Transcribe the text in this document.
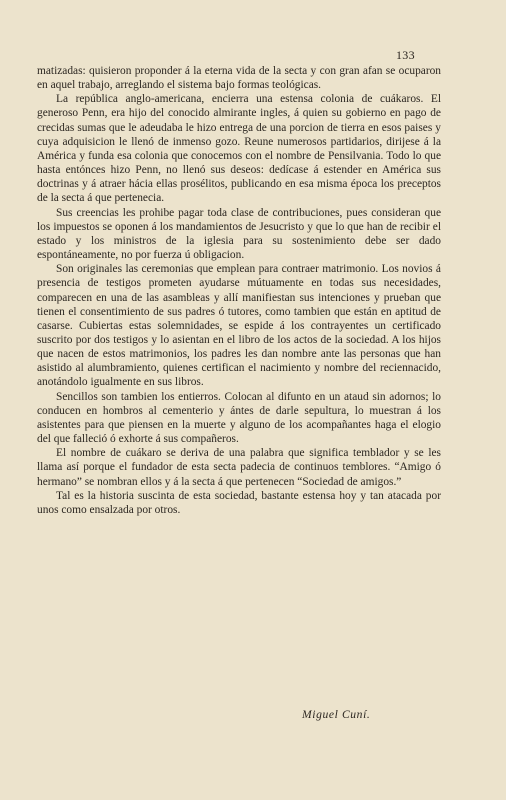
133

matizadas: quisieron proponder á la eterna vida de la secta y con gran afan se ocuparon en aquel trabajo, arreglando el sistema bajo formas teológicas.

La república anglo-americana, encierra una estensa colonia de cuákaros. El generoso Penn, era hijo del conocido almirante ingles, á quien su gobierno en pago de crecidas sumas que le adeudaba le hizo entrega de una porcion de tierra en esos paises y cuya adquisicion le llenó de inmenso gozo. Reune numerosos partidarios, dirijese á la América y funda esa colonia que conocemos con el nombre de Pensilvania. Todo lo que hasta entónces hizo Penn, no llenó sus deseos: dedícase á estender en América sus doctrinas y á atraer hácia ellas prosélitos, publicando en esa misma época los preceptos de la secta á que pertenecia.

Sus creencias les prohibe pagar toda clase de contribuciones, pues consideran que los impuestos se oponen á los mandamientos de Jesucristo y que lo que han de recibir el estado y los ministros de la iglesia para su sostenimiento debe ser dado espontáneamente, no por fuerza ú obligacion.

Son originales las ceremonias que emplean para contraer matrimonio. Los novios á presencia de testigos prometen ayudarse mútuamente en todas sus necesidades, comparecen en una de las asambleas y allí manifiestan sus intenciones y prueban que tienen el consentimiento de sus padres ó tutores, como tambien que están en aptitud de casarse. Cubiertas estas solemnidades, se espide á los contrayentes un certificado suscrito por dos testigos y lo asientan en el libro de los actos de la sociedad. A los hijos que nacen de estos matrimonios, los padres les dan nombre ante las personas que han asistido al alumbramiento, quienes certifican el nacimiento y nombre del reciennacido, anotándolo igualmente en sus libros.

Sencillos son tambien los entierros. Colocan al difunto en un ataud sin adornos; lo conducen en hombros al cementerio y ántes de darle sepultura, lo muestran á los asistentes para que piensen en la muerte y alguno de los acompañantes haga el elogio del que falleció ó exhorte á sus compañeros.

El nombre de cuákaro se deriva de una palabra que significa temblador y se les llama así porque el fundador de esta secta padecia de continuos temblores. “Amigo ó hermano” se nombran ellos y á la secta á que pertenecen “Sociedad de amigos.”

Tal es la historia suscinta de esta sociedad, bastante estensa hoy y tan atacada por unos como ensalzada por otros.

Miguel Cuní.
